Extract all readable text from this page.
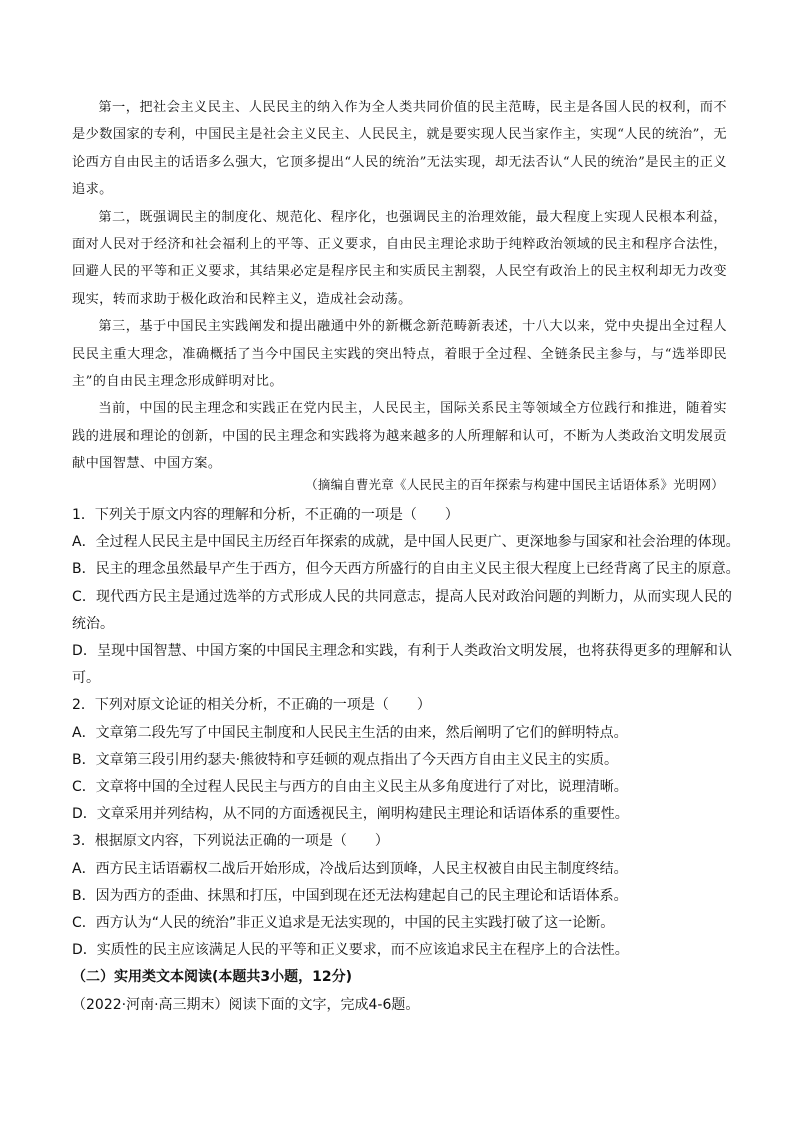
第一，把社会主义民主、人民民主的纳入作为全人类共同价值的民主范畴，民主是各国人民的权利，而不是少数国家的专利，中国民主是社会主义民主、人民民主，就是要实现人民当家作主，实现“人民的统治”，无论西方自由民主的话语多么强大，它顶多提出“人民的统治”无法实现，却无法否认“人民的统治”是民主的正义追求。

第二，既强调民主的制度化、规范化、程序化，也强调民主的治理效能，最大程度上实现人民根本利益，面对人民对于经济和社会福利上的平等、正义要求，自由民主理论求助于纯粹政治领域的民主和程序合法性，回避人民的平等和正义要求，其结果必定是程序民主和实质民主割裂，人民空有政治上的民主权利却无力改变现实，转而求助于极化政治和民粹主义，造成社会动荡。

第三，基于中国民主实践阐发和提出融通中外的新概念新范畴新表述，十八大以来，党中央提出全过程人民民主重大理念，准确概括了当今中国民主实践的突出特点，着眼于全过程、全链条民主参与，与“选举即民主”的自由民主理念形成鲜明对比。

当前，中国的民主理念和实践正在党内民主，人民民主，国际关系民主等领域全方位践行和推进，随着实践的进展和理论的创新，中国的民主理念和实践将为越来越多的人所理解和认可，不断为人类政治文明发展贡献中国智慧、中国方案。

（摘编自曹光章《人民民主的百年探索与构建中国民主话语体系》光明网）
1．下列关于原文内容的理解和分析，不正确的一项是（　　）
A．全过程人民民主是中国民主历经百年探索的成就，是中国人民更广、更深地参与国家和社会治理的体现。
B．民主的理念虽然最早产生于西方，但今天西方所盛行的自由主义民主很大程度上已经背离了民主的原意。
C．现代西方民主是通过选举的方式形成人民的共同意志，提高人民对政治问题的判断力，从而实现人民的统治。
D．呈现中国智慧、中国方案的中国民主理念和实践，有利于人类政治文明发展，也将获得更多的理解和认可。
2．下列对原文论证的相关分析，不正确的一项是（　　）
A．文章第二段先写了中国民主制度和人民民主生活的由来，然后阐明了它们的鲜明特点。
B．文章第三段引用约瑟夫·熊彼特和亨廷顿的观点指出了今天西方自由主义民主的实质。
C．文章将中国的全过程人民民主与西方的自由主义民主从多角度进行了对比，说理清晰。
D．文章采用并列结构，从不同的方面透视民主，阐明构建民主理论和话语体系的重要性。
3．根据原文内容，下列说法正确的一项是（　　）
A．西方民主话语霸权二战后开始形成，冷战后达到顶峰，人民主权被自由民主制度终结。
B．因为西方的歪曲、抹黑和打压，中国到现在还无法构建起自己的民主理论和话语体系。
C．西方认为“人民的统治”非正义追求是无法实现的，中国的民主实践打破了这一论断。
D．实质性的民主应该满足人民的平等和正义要求，而不应该追求民主在程序上的合法性。
（二）实用类文本阅读(本题共3小题，12分)
（2022·河南·高三期末）阅读下面的文字，完成4-6题。
